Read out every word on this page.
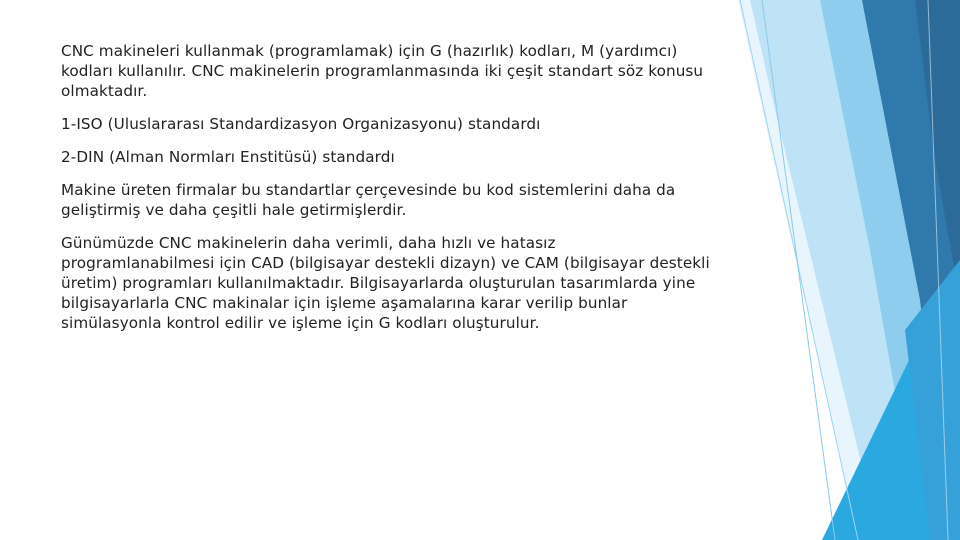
CNC makineleri kullanmak (programlamak) için G (hazırlık) kodları, M (yardımcı) kodları kullanılır. CNC makinelerin programlanmasında iki çeşit standart söz konusu olmaktadır.

1-ISO (Uluslararası Standardizasyon Organizasyonu) standardı

2-DIN (Alman Normları Enstitüsü) standardı

Makine üreten firmalar bu standartlar çerçevesinde bu kod sistemlerini daha da geliştirmiş ve daha çeşitli hale getirmişlerdir.

Günümüzde CNC makinelerin daha verimli, daha hızlı ve hatasız programlanabilmesi için CAD (bilgisayar destekli dizayn) ve CAM (bilgisayar destekli üretim) programları kullanılmaktadır. Bilgisayarlarda oluşturulan tasarımlarda yine bilgisayarlarla CNC makinalar için işleme aşamalarına karar verilip bunlar simülasyonla kontrol edilir ve işleme için G kodları oluşturulur.
